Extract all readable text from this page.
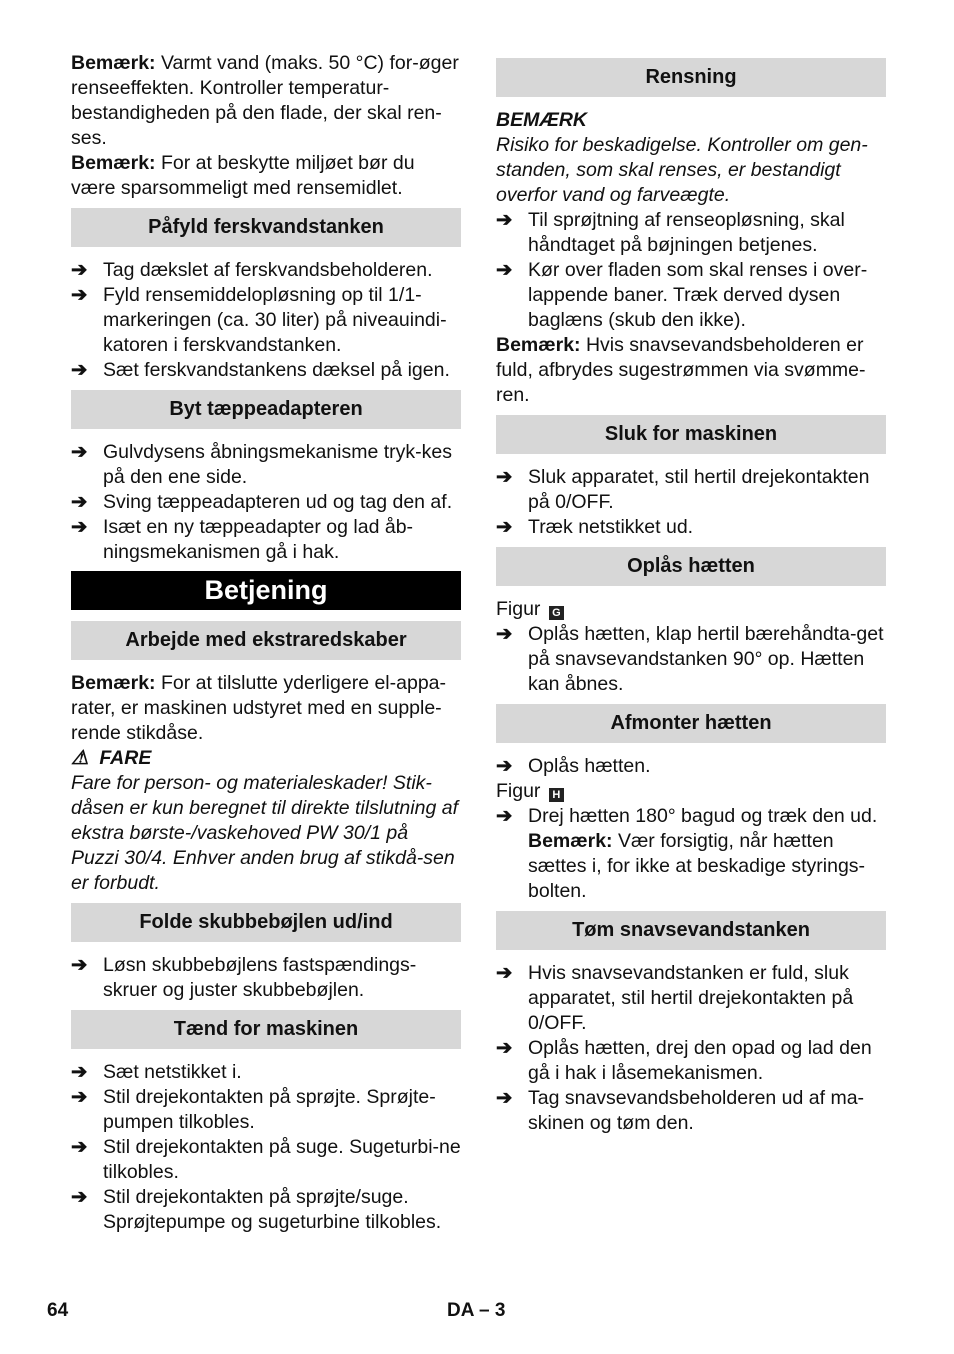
Bemærk: Varmt vand (maks. 50 °C) for-øger renseeffekten. Kontroller temperatur-bestandigheden på den flade, der skal ren-ses.

Bemærk: For at beskytte miljøet bør du være sparsommeligt med rensemidlet.

Påfyld ferskvandstanken
➔ Tag dækslet af ferskvandsbeholderen.
➔ Fyld rensemiddelopløsning op til 1/1-markeringen (ca. 30 liter) på niveauindi-katoren i ferskvandstanken.
➔ Sæt ferskvandstankens dæksel på igen.
Byt tæppeadapteren
➔ Gulvdysens åbningsmekanisme tryk-kes på den ene side.
➔ Sving tæppeadapteren ud og tag den af.
➔ Isæt en ny tæppeadapter og lad åb-ningsmekanismen gå i hak.
Betjening
Arbejde med ekstraredskaber

Bemærk: For at tilslutte yderligere el-appa-rater, er maskinen udstyret med en supple-rende stikdåse.

⚠ FARE

Fare for person- og materialeskader! Stik-dåsen er kun beregnet til direkte tilslutning af ekstra børste-/vaskehoved PW 30/1 på Puzzi 30/4. Enhver anden brug af stikdå-sen er forbudt.

Folde skubbebøjlen ud/ind
➔ Løsn skubbebøjlens fastspændings-skruer og juster skubbebøjlen.
Tænd for maskinen
➔ Sæt netstikket i.
➔ Stil drejekontakten på sprøjte. Sprøjte-pumpen tilkobles.
➔ Stil drejekontakten på suge. Sugeturbi-ne tilkobles.
➔ Stil drejekontakten på sprøjte/suge. Sprøjtepumpe og sugeturbine tilkobles.
Rensning

BEMÆRK

Risiko for beskadigelse. Kontroller om gen-standen, som skal renses, er bestandigt overfor vand og farveægte.

➔ Til sprøjtning af renseopløsning, skal håndtaget på bøjningen betjenes.
➔ Kør over fladen som skal renses i over-lappende baner. Træk derved dysen baglæns (skub den ikke).

Bemærk: Hvis snavsevandsbeholderen er fuld, afbrydes sugestrømmen via svømme-ren.

Sluk for maskinen
➔ Sluk apparatet, stil hertil drejekontakten på 0/OFF.
➔ Træk netstikket ud.
Oplås hætten

Figur G

➔ Oplås hætten, klap hertil bærehåndta-get på snavsevandstanken 90° op. Hætten kan åbnes.
Afmonter hætten
➔ Oplås hætten.

Figur H

➔ Drej hætten 180° bagud og træk den ud.
Bemærk: Vær forsigtig, når hætten sættes i, for ikke at beskadige styrings-bolten.
Tøm snavsevandstanken
➔ Hvis snavsevandstanken er fuld, sluk apparatet, stil hertil drejekontakten på 0/OFF.
➔ Oplås hætten, drej den opad og lad den gå i hak i låsemekanismen.
➔ Tag snavsevandsbeholderen ud af ma-skinen og tøm den.
64	DA – 3
